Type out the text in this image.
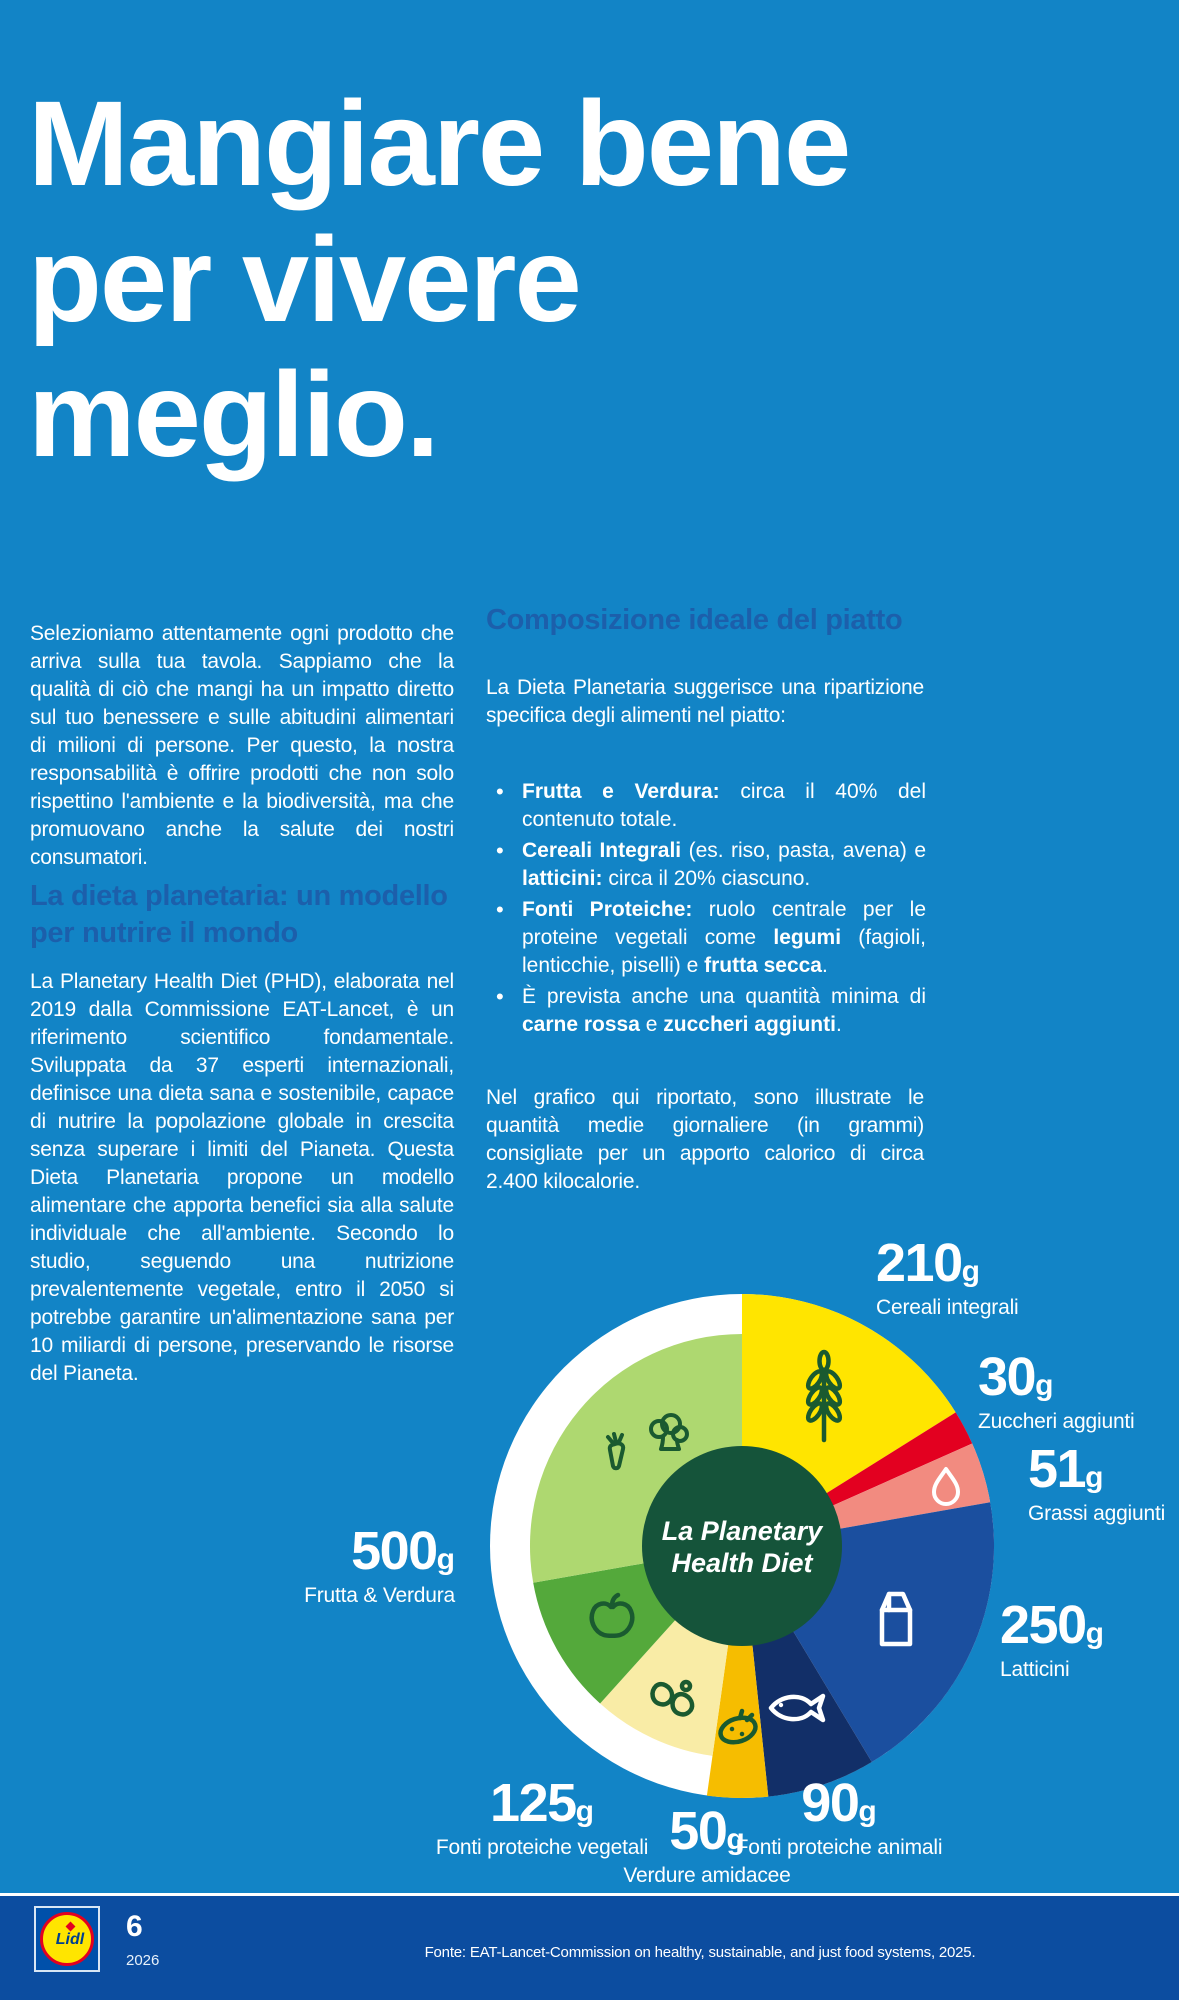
Mangiare bene
per vivere
meglio.
Selezioniamo attentamente ogni prodotto che arriva sulla tua tavola. Sappiamo che la qualità di ciò che mangi ha un impatto diretto sul tuo benessere e sulle abitudini alimentari di milioni di persone. Per questo, la nostra responsabilità è offrire prodotti che non solo rispettino l'ambiente e la biodiversità, ma che promuovano anche la salute dei nostri consumatori.
La dieta planetaria: un modello per nutrire il mondo
La Planetary Health Diet (PHD), elaborata nel 2019 dalla Commissione EAT-Lancet, è un riferimento scientifico fondamentale. Sviluppata da 37 esperti internazionali, definisce una dieta sana e sostenibile, capace di nutrire la popolazione globale in crescita senza superare i limiti del Pianeta. Questa Dieta Planetaria propone un modello alimentare che apporta benefici sia alla salute individuale che all'ambiente. Secondo lo studio, seguendo una nutrizione prevalentemente vegetale, entro il 2050 si potrebbe garantire un'alimentazione sana per 10 miliardi di persone, preservando le risorse del Pianeta.
Composizione ideale del piatto
La Dieta Planetaria suggerisce una ripartizione specifica degli alimenti nel piatto:
• Frutta e Verdura: circa il 40% del contenuto totale.
• Cereali Integrali (es. riso, pasta, avena) e latticini: circa il 20% ciascuno.
• Fonti Proteiche: ruolo centrale per le proteine vegetali come legumi (fagioli, lenticchie, piselli) e frutta secca.
• È prevista anche una quantità minima di carne rossa e zuccheri aggiunti.
Nel grafico qui riportato, sono illustrate le quantità medie giornaliere (in grammi) consigliate per un apporto calorico di circa 2.400 kilocalorie.
La Planetary
Health Diet
500g
Frutta & Verdura
210g
Cereali integrali
30g
Zuccheri aggiunti
51g
Grassi aggiunti
250g
Latticini
125g
Fonti proteiche vegetali 50g
Verdure amidacee
90g
Fonti proteiche animali
Lidl	6
2026	Fonte: EAT-Lancet-Commission on healthy, sustainable, and just food systems, 2025.
